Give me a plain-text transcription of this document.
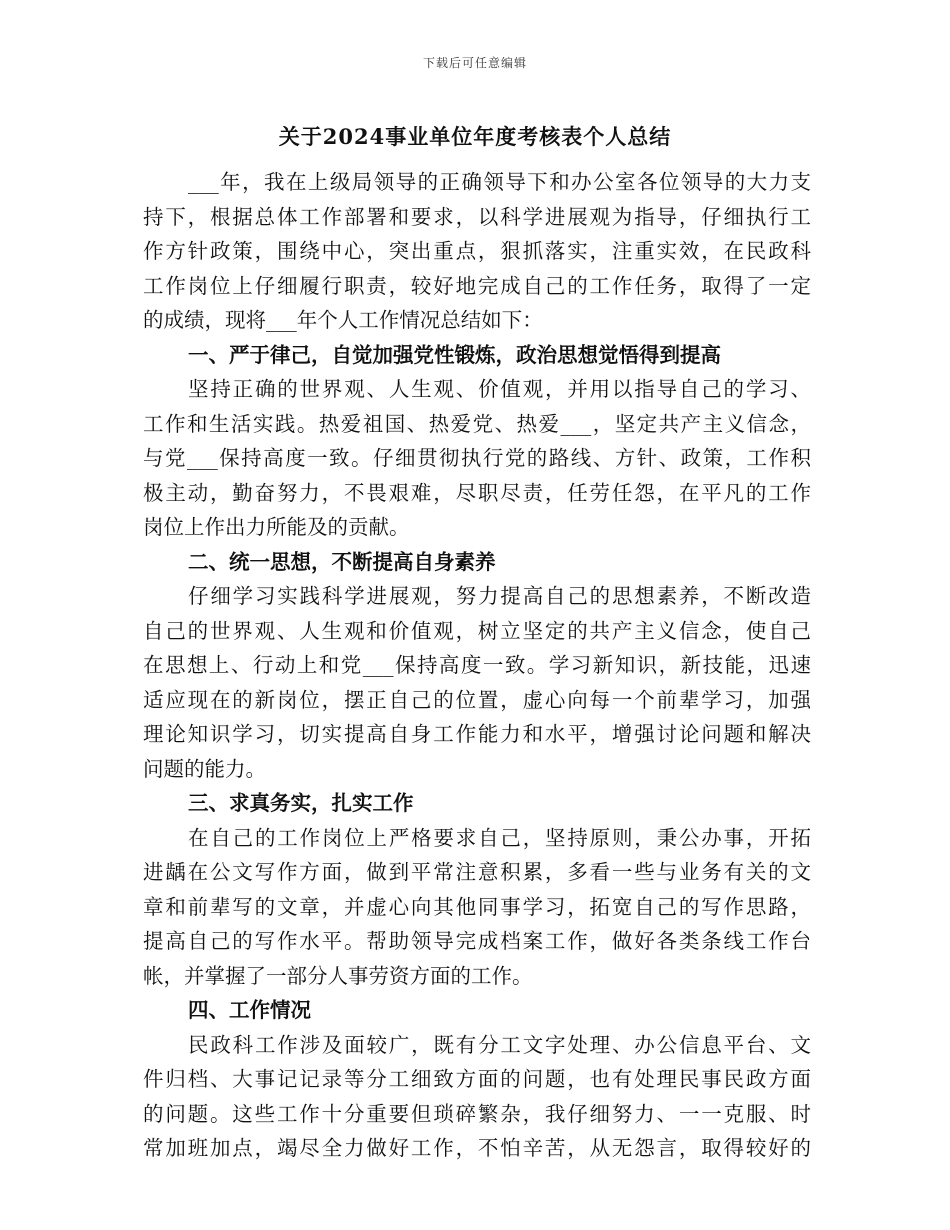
下载后可任意编辑
关于2024事业单位年度考核表个人总结
___年，我在上级局领导的正确领导下和办公室各位领导的大力支
持下，根据总体工作部署和要求，以科学进展观为指导，仔细执行工
作方针政策，围绕中心，突出重点，狠抓落实，注重实效，在民政科
工作岗位上仔细履行职责，较好地完成自己的工作任务，取得了一定
的成绩，现将___年个人工作情况总结如下：
一、严于律己，自觉加强党性锻炼，政治思想觉悟得到提高
坚持正确的世界观、人生观、价值观，并用以指导自己的学习、
工作和生活实践。热爱祖国、热爱党、热爱___，坚定共产主义信念，
与党___保持高度一致。仔细贯彻执行党的路线、方针、政策，工作积
极主动，勤奋努力，不畏艰难，尽职尽责，任劳任怨，在平凡的工作
岗位上作出力所能及的贡献。
二、统一思想，不断提高自身素养
仔细学习实践科学进展观，努力提高自己的思想素养，不断改造
自己的世界观、人生观和价值观，树立坚定的共产主义信念，使自己
在思想上、行动上和党___保持高度一致。学习新知识，新技能，迅速
适应现在的新岗位，摆正自己的位置，虚心向每一个前辈学习，加强
理论知识学习，切实提高自身工作能力和水平，增强讨论问题和解决
问题的能力。
三、求真务实，扎实工作
在自己的工作岗位上严格要求自己，坚持原则，秉公办事，开拓
进龋在公文写作方面，做到平常注意积累，多看一些与业务有关的文
章和前辈写的文章，并虚心向其他同事学习，拓宽自己的写作思路，
提高自己的写作水平。帮助领导完成档案工作，做好各类条线工作台
帐，并掌握了一部分人事劳资方面的工作。
四、工作情况
民政科工作涉及面较广，既有分工文字处理、办公信息平台、文
件归档、大事记记录等分工细致方面的问题，也有处理民事民政方面
的问题。这些工作十分重要但琐碎繁杂，我仔细努力、一一克服、时
常加班加点，竭尽全力做好工作，不怕辛苦，从无怨言，取得较好的
